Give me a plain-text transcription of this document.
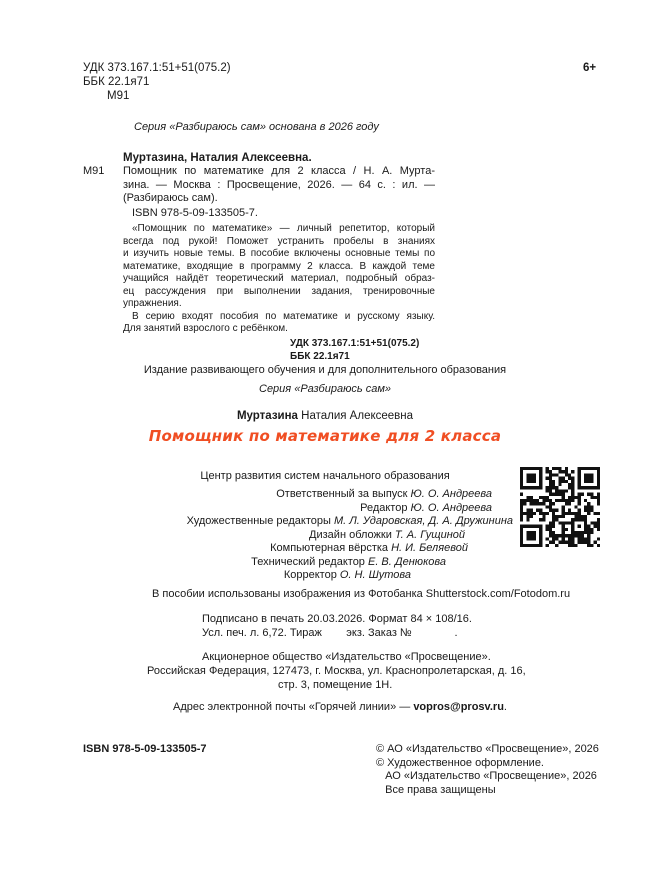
УДК 373.167.1:51+51(075.2)
ББК 22.1я71
М91
6+
Серия «Разбираюсь сам» основана в 2026 году
М91
Муртазина, Наталия Алексеевна.
Помощник по математике для 2 класса / Н. А. Мурта-
зина. — Москва : Просвещение, 2026. — 64 с. : ил. —
(Разбираюсь сам).
ISBN 978-5-09-133505-7.
«Помощник по математике» — личный репетитор, который
всегда под рукой! Поможет устранить пробелы в знаниях
и изучить новые темы. В пособие включены основные темы по
математике, входящие в программу 2 класса. В каждой теме
учащийся найдёт теоретический материал, подробный образ-
ец рассуждения при выполнении задания, тренировочные
упражнения.
В серию входят пособия по математике и русскому языку.
Для занятий взрослого с ребёнком.
УДК 373.167.1:51+51(075.2)
ББК 22.1я71
Издание развивающего обучения и для дополнительного образования
Серия «Разбираюсь сам»
Муртазина Наталия Алексеевна
Помощник по математике для 2 класса
Центр развития систем начального образования
Ответственный за выпуск Ю. О. Андреева
Редактор Ю. О. Андреева
Художественные редакторы М. Л. Ударовская, Д. А. Дружинина
Дизайн обложки Т. А. Гущиной
Компьютерная вёрстка Н. И. Беляевой
Технический редактор Е. В. Денюкова
Корректор О. Н. Шутова
В пособии использованы изображения из Фотобанка Shutterstock.com/Fotodom.ru
Подписано в печать 20.03.2026. Формат 84 × 108/16.
Усл. печ. л. 6,72. Тираж        экз. Заказ №              .
Акционерное общество «Издательство «Просвещение».
Российская Федерация, 127473, г. Москва, ул. Краснопролетарская, д. 16,
стр. 3, помещение 1Н.
Адрес электронной почты «Горячей линии» — vopros@prosv.ru.
ISBN 978-5-09-133505-7	© АО «Издательство «Просвещение», 2026
© Художественное оформление.
АО «Издательство «Просвещение», 2026
Все права защищены
